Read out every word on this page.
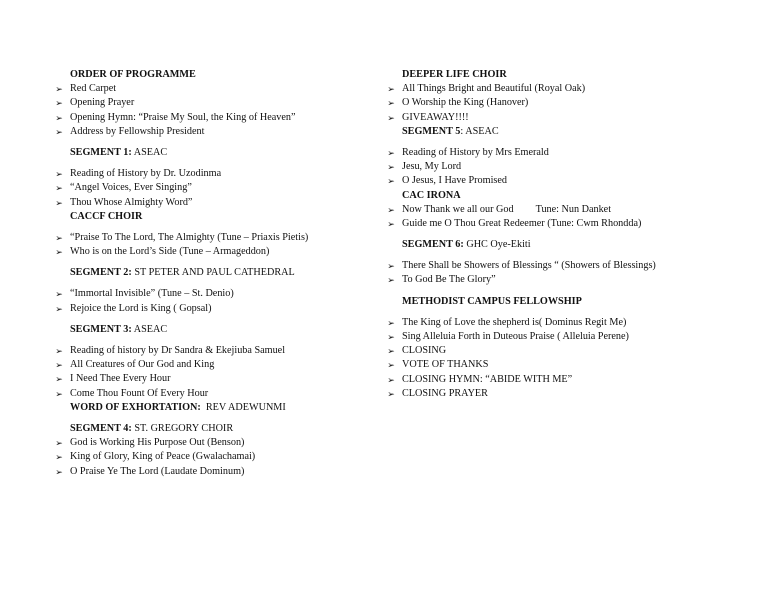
ORDER OF PROGRAMME
➢ Red Carpet
➢ Opening Prayer
➢ Opening Hymn: “Praise My Soul, the King of Heaven”
➢ Address by Fellowship President
SEGMENT 1: ASEAC
➢ Reading of History by Dr. Uzodinma
➢ “Angel Voices, Ever Singing”
➢ Thou Whose Almighty Word”
CACCF CHOIR
➢ “Praise To The Lord, The Almighty (Tune – Priaxis Pietis)
➢ Who is on the Lord’s Side (Tune – Armageddon)
SEGMENT 2: ST PETER AND PAUL CATHEDRAL
➢ “Immortal Invisible” (Tune – St. Denio)
➢ Rejoice the Lord is King ( Gopsal)
SEGMENT 3: ASEAC
➢ Reading of history by Dr Sandra & Ekejiuba Samuel
➢ All Creatures of Our God and King
➢ I Need Thee Every Hour
➢ Come Thou Fount Of Every Hour
WORD OF EXHORTATION: REV ADEWUNMI
SEGMENT 4: ST. GREGORY CHOIR
➢ God is Working His Purpose Out (Benson)
➢ King of Glory, King of Peace (Gwalachamai)
➢ O Praise Ye The Lord (Laudate Dominum)
DEEPER LIFE CHOIR
➢ All Things Bright and Beautiful (Royal Oak)
➢ O Worship the King (Hanover)
➢ GIVEAWAY!!!!
SEGMENT 5: ASEAC
➢ Reading of History by Mrs Emerald
➢ Jesu, My Lord
➢ O Jesus, I Have Promised
CAC IRONA
➢ Now Thank we all our God Tune: Nun Danket
➢ Guide me O Thou Great Redeemer (Tune: Cwm Rhondda)
SEGMENT 6: GHC Oye-Ekiti
➢ There Shall be Showers of Blessings “ (Showers of Blessings)
➢ To God Be The Glory”
METHODIST CAMPUS FELLOWSHIP
➢ The King of Love the shepherd is( Dominus Regit Me)
➢ Sing Alleluia Forth in Duteous Praise ( Alleluia Perene)
➢ CLOSING
➢ VOTE OF THANKS
➢ CLOSING HYMN: “ABIDE WITH ME”
➢ CLOSING PRAYER
